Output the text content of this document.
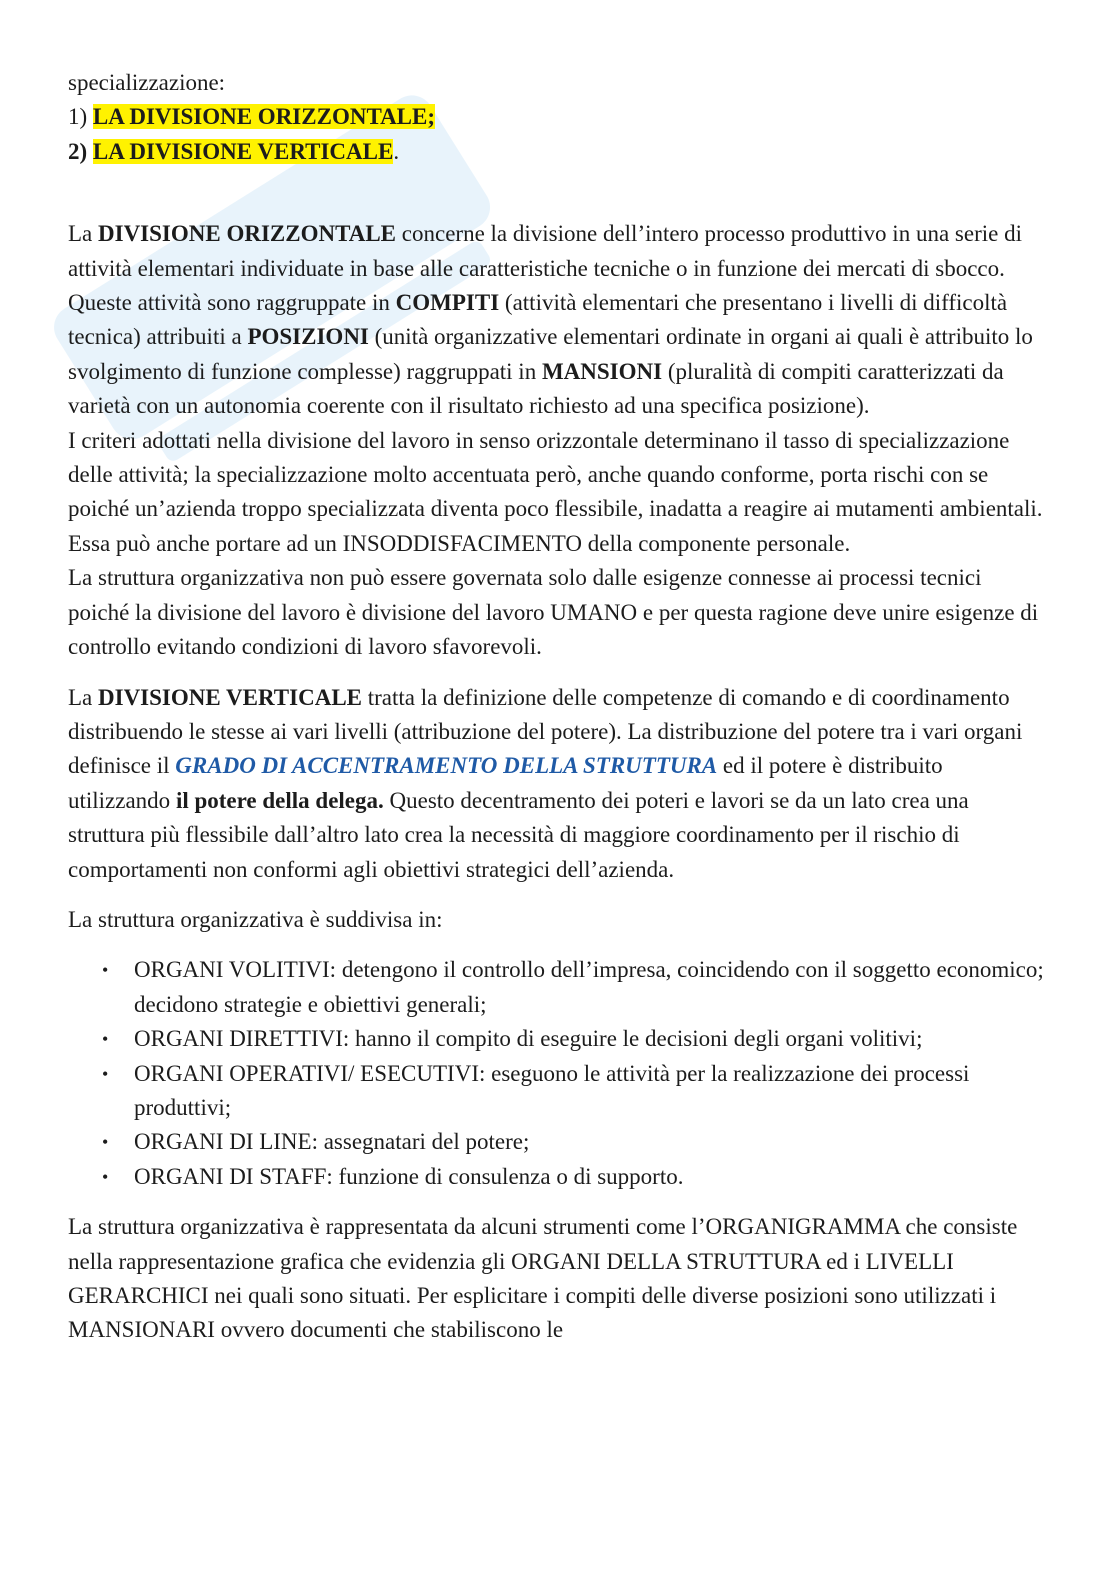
specializzazione:

1) LA DIVISIONE ORIZZONTALE;

2) LA DIVISIONE VERTICALE.

La DIVISIONE ORIZZONTALE concerne la divisione dell’intero processo produttivo in una serie di attività elementari individuate in base alle caratteristiche tecniche o in funzione dei mercati di sbocco. Queste attività sono raggruppate in COMPITI (attività elementari che presentano i livelli di difficoltà tecnica) attribuiti a POSIZIONI (unità organizzative elementari ordinate in organi ai quali è attribuito lo svolgimento di funzione complesse) raggruppati in MANSIONI (pluralità di compiti caratterizzati da varietà con un autonomia coerente con il risultato richiesto ad una specifica posizione).

I criteri adottati nella divisione del lavoro in senso orizzontale determinano il tasso di specializzazione delle attività; la specializzazione molto accentuata però, anche quando conforme, porta rischi con se poiché un’azienda troppo specializzata diventa poco flessibile, inadatta a reagire ai mutamenti ambientali. Essa può anche portare ad un INSODDISFACIMENTO della componente personale.

La struttura organizzativa non può essere governata solo dalle esigenze connesse ai processi tecnici poiché la divisione del lavoro è divisione del lavoro UMANO e per questa ragione deve unire esigenze di controllo evitando condizioni di lavoro sfavorevoli.

La DIVISIONE VERTICALE tratta la definizione delle competenze di comando e di coordinamento distribuendo le stesse ai vari livelli (attribuzione del potere). La distribuzione del potere tra i vari organi definisce il GRADO DI ACCENTRAMENTO DELLA STRUTTURA ed il potere è distribuito utilizzando il potere della delega. Questo decentramento dei poteri e lavori se da un lato crea una struttura più flessibile dall’altro lato crea la necessità di maggiore coordinamento per il rischio di comportamenti non conformi agli obiettivi strategici dell’azienda.

La struttura organizzativa è suddivisa in:

• ORGANI VOLITIVI: detengono il controllo dell’impresa, coincidendo con il soggetto economico; decidono strategie e obiettivi generali;
• ORGANI DIRETTIVI: hanno il compito di eseguire le decisioni degli organi volitivi;
• ORGANI OPERATIVI/ ESECUTIVI: eseguono le attività per la realizzazione dei processi produttivi;
• ORGANI DI LINE: assegnatari del potere;
• ORGANI DI STAFF: funzione di consulenza o di supporto.

La struttura organizzativa è rappresentata da alcuni strumenti come l’ORGANIGRAMMA che consiste nella rappresentazione grafica che evidenzia gli ORGANI DELLA STRUTTURA ed i LIVELLI GERARCHICI nei quali sono situati. Per esplicitare i compiti delle diverse posizioni sono utilizzati i MANSIONARI ovvero documenti che stabiliscono le
